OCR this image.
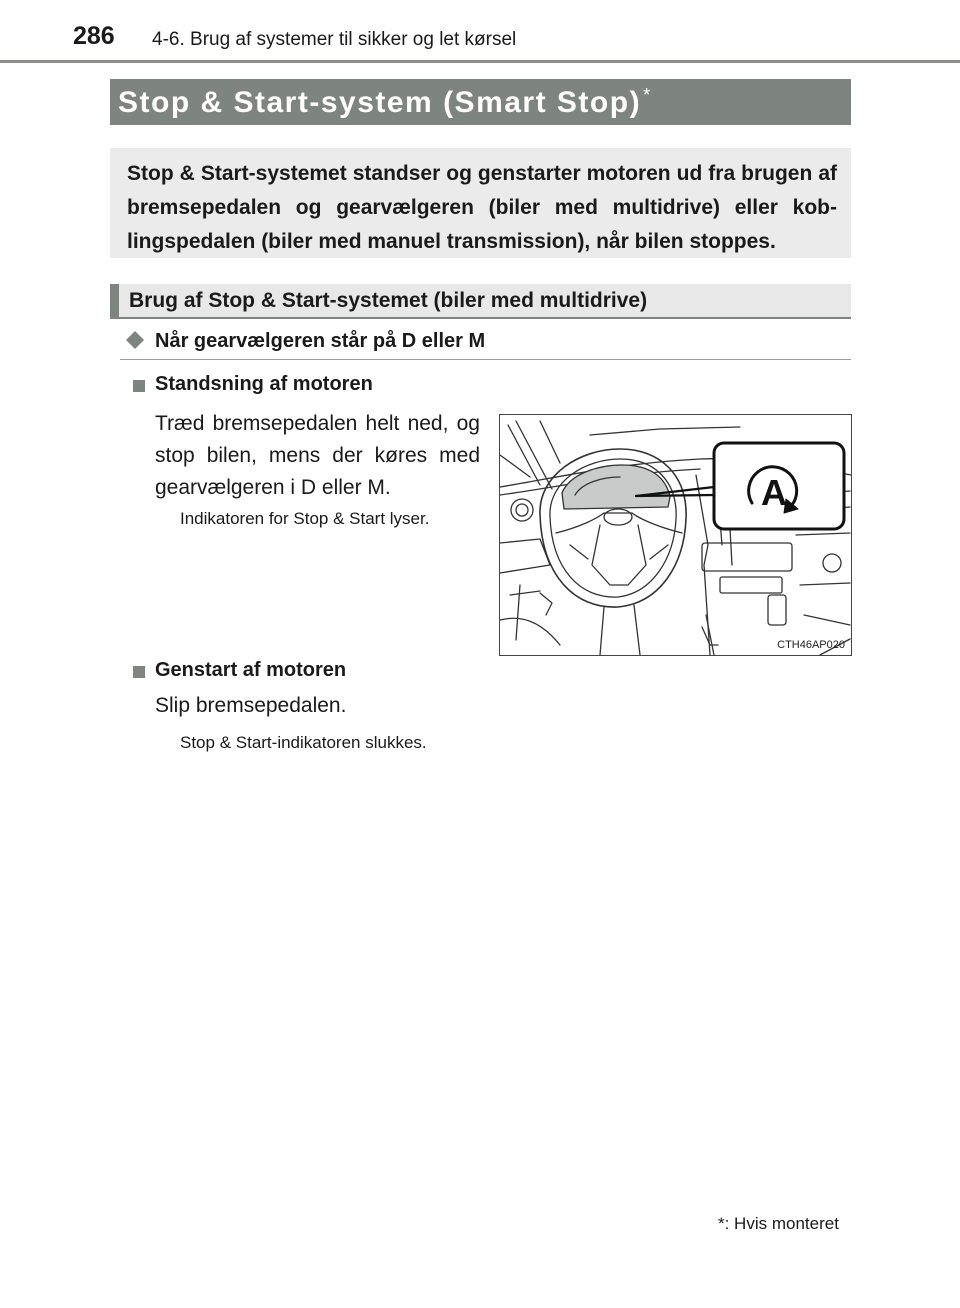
286 4-6. Brug af systemer til sikker og let kørsel
Stop & Start-system (Smart Stop) *
Stop & Start-systemet standser og genstarter motoren ud fra brugen af bremsepedalen og gearvælgeren (biler med multidrive) eller koblingspedalen (biler med manuel transmission), når bilen stoppes.
Brug af Stop & Start-systemet (biler med multidrive)
Når gearvælgeren står på D eller M
Standsning af motoren
Træd bremsepedalen helt ned, og stop bilen, mens der køres med gearvælgeren i D eller M.
Indikatoren for Stop & Start lyser.
A
CTH46AP020
Genstart af motoren
Slip bremsepedalen.
Stop & Start-indikatoren slukkes.
*: Hvis monteret
